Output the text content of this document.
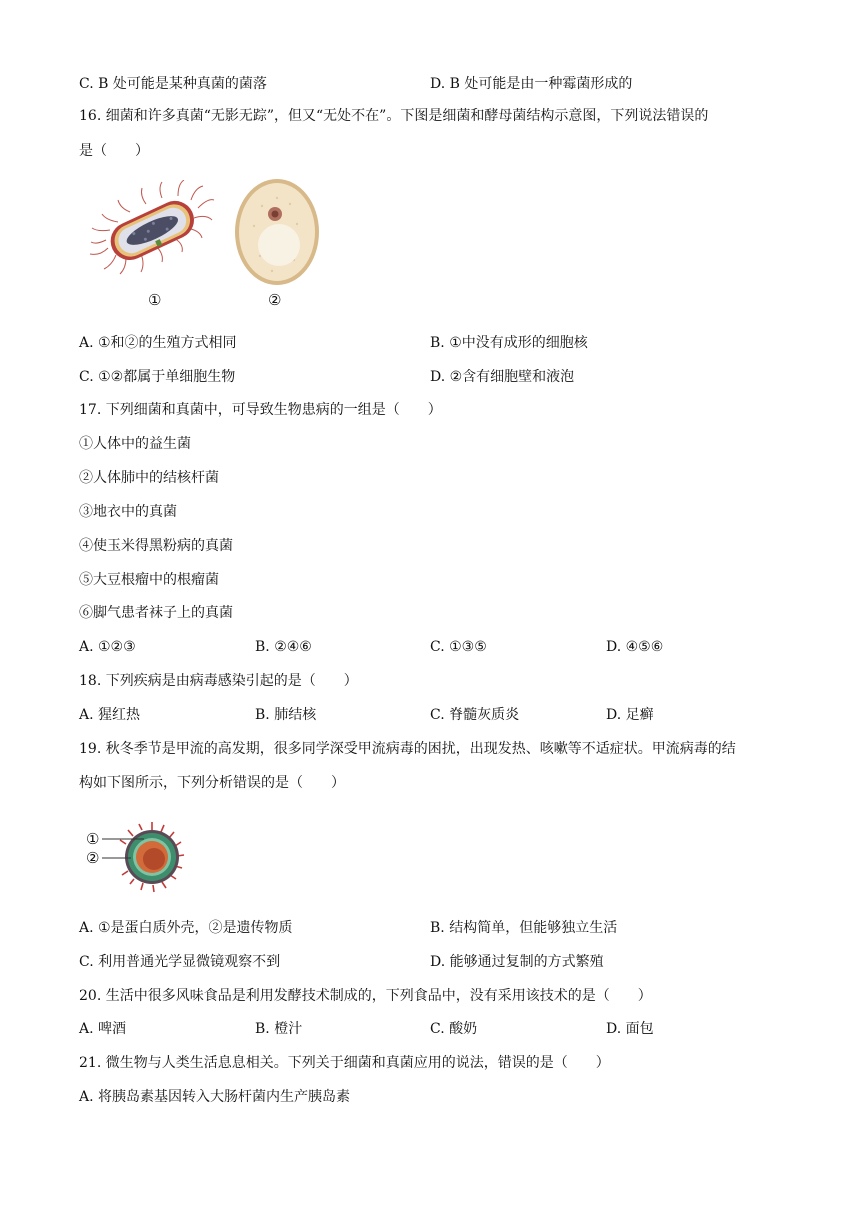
C. B 处可能是某种真菌的菌落	D. B 处可能是由一种霉菌形成的
16. 细菌和许多真菌“无影无踪”，但又“无处不在”。下图是细菌和酵母菌结构示意图，下列说法错误的
是（　　）
①	②
A. ①和②的生殖方式相同	B. ①中没有成形的细胞核
C. ①②都属于单细胞生物	D. ②含有细胞壁和液泡
17. 下列细菌和真菌中，可导致生物患病的一组是（　　）
①人体中的益生菌
②人体肺中的结核杆菌
③地衣中的真菌
④使玉米得黑粉病的真菌
⑤大豆根瘤中的根瘤菌
⑥脚气患者袜子上的真菌
A. ①②③	B. ②④⑥	C. ①③⑤	D. ④⑤⑥
18. 下列疾病是由病毒感染引起的是（　　）
A. 猩红热	B. 肺结核	C. 脊髓灰质炎	D. 足癣
19. 秋冬季节是甲流的高发期，很多同学深受甲流病毒的困扰，出现发热、咳嗽等不适症状。甲流病毒的结
构如下图所示，下列分析错误的是（　　）
①
②
A. ①是蛋白质外壳，②是遗传物质	B. 结构简单，但能够独立生活
C. 利用普通光学显微镜观察不到	D. 能够通过复制的方式繁殖
20. 生活中很多风味食品是利用发酵技术制成的，下列食品中，没有采用该技术的是（　　）
A. 啤酒	B. 橙汁	C. 酸奶	D. 面包
21. 微生物与人类生活息息相关。下列关于细菌和真菌应用的说法，错误的是（　　）
A. 将胰岛素基因转入大肠杆菌内生产胰岛素
